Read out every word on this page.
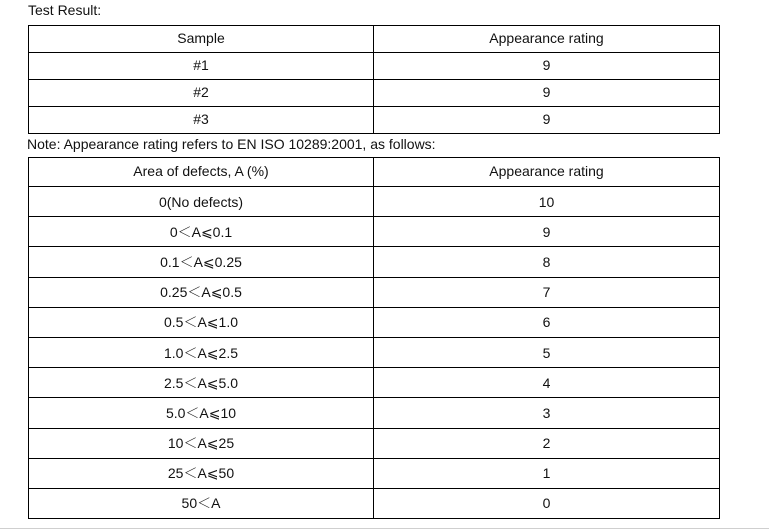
Test Result:
Sample	Appearance rating
#1	9
#2	9
#3	9
Note: Appearance rating refers to EN ISO 10289:2001, as follows:
Area of defects, A (%)	Appearance rating
0(No defects)	10
0＜A⩽0.1	9
0.1＜A⩽0.25	8
0.25＜A⩽0.5	7
0.5＜A⩽1.0	6
1.0＜A⩽2.5	5
2.5＜A⩽5.0	4
5.0＜A⩽10	3
10＜A⩽25	2
25＜A⩽50	1
50＜A	0
